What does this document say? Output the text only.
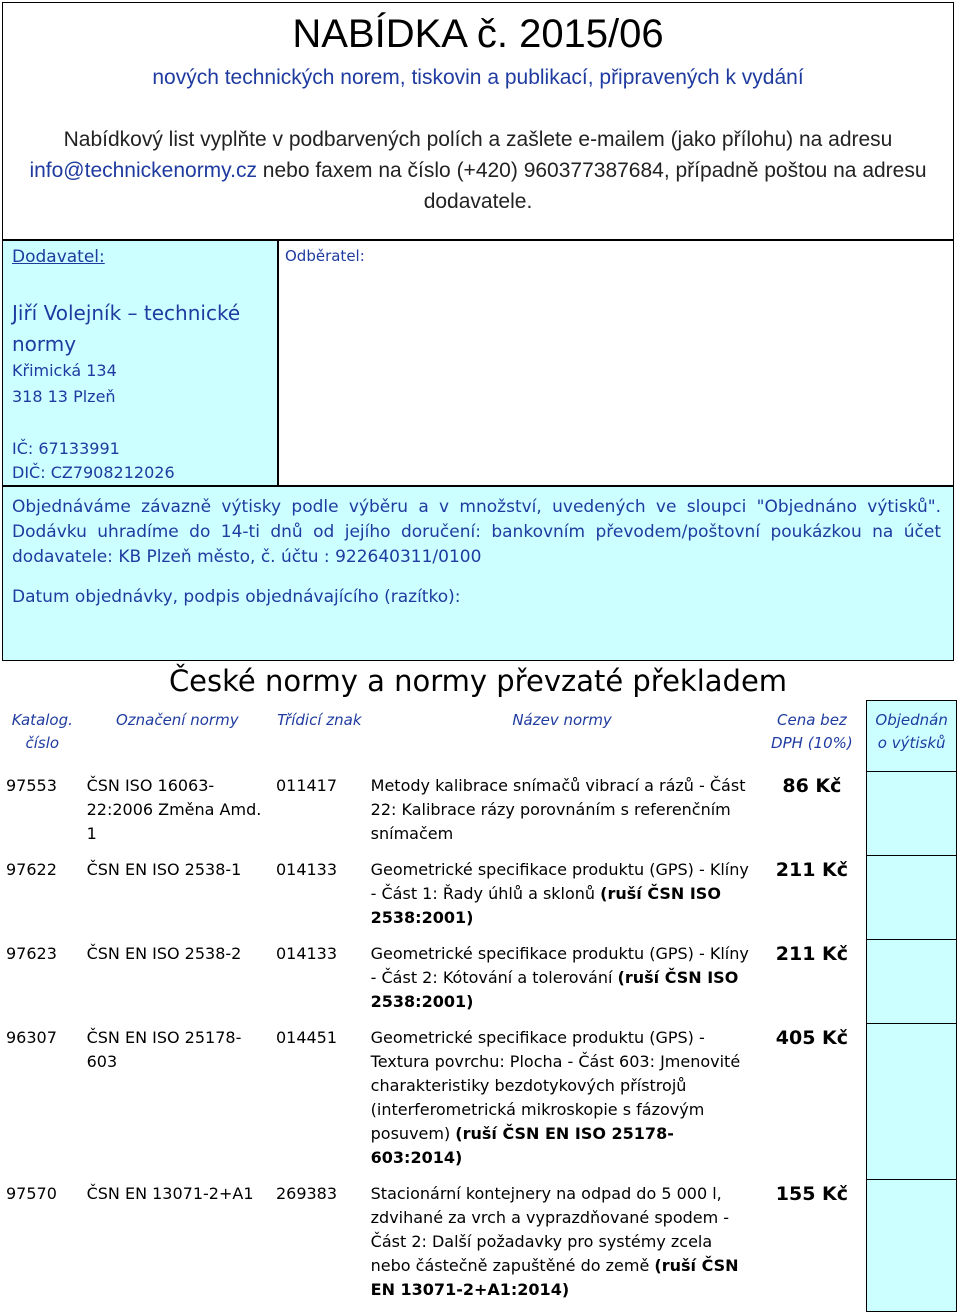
NABÍDKA č. 2015/06
nových technických norem, tiskovin a publikací, připravených k vydání
Nabídkový list vyplňte v podbarvených polích a zašlete e-mailem (jako přílohu) na adresu info@technickenormy.cz nebo faxem na číslo (+420) 960377387684, případně poštou na adresu dodavatele.
Dodavatel:
Jiří Volejník – technické normy
Křimická 134
318 13 Plzeň
IČ: 67133991
DIČ: CZ7908212026
Odběratel:
Objednáváme závazně výtisky podle výběru a v množství, uvedených ve sloupci "Objednáno výtisků". Dodávku uhradíme do 14-ti dnů od jejího doručení: bankovním převodem/poštovní poukázkou na účet dodavatele: KB Plzeň město, č. účtu : 922640311/0100
Datum objednávky, podpis objednávajícího (razítko):
České normy a normy převzaté překladem
Katalog. číslo	Označení normy	Třídicí znak	Název normy	Cena bez DPH (10%)	Objednán o výtisků
97553	ČSN ISO 16063-22:2006 Změna Amd. 1	011417	Metody kalibrace snímačů vibrací a rázů - Část 22: Kalibrace rázy porovnáním s referenčním snímačem	86 Kč	
97622	ČSN EN ISO 2538-1	014133	Geometrické specifikace produktu (GPS) - Klíny - Část 1: Řady úhlů a sklonů (ruší ČSN ISO 2538:2001)	211 Kč	
97623	ČSN EN ISO 2538-2	014133	Geometrické specifikace produktu (GPS) - Klíny - Část 2: Kótování a tolerování (ruší ČSN ISO 2538:2001)	211 Kč	
96307	ČSN EN ISO 25178-603	014451	Geometrické specifikace produktu (GPS) - Textura povrchu: Plocha - Část 603: Jmenovité charakteristiky bezdotykových přístrojů (interferometrická mikroskopie s fázovým posuvem) (ruší ČSN EN ISO 25178-603:2014)	405 Kč	
97570	ČSN EN 13071-2+A1	269383	Stacionární kontejnery na odpad do 5 000 l, zdvihané za vrch a vyprazdňované spodem - Část 2: Další požadavky pro systémy zcela nebo částečně zapuštěné do země (ruší ČSN EN 13071-2+A1:2014)	155 Kč	
